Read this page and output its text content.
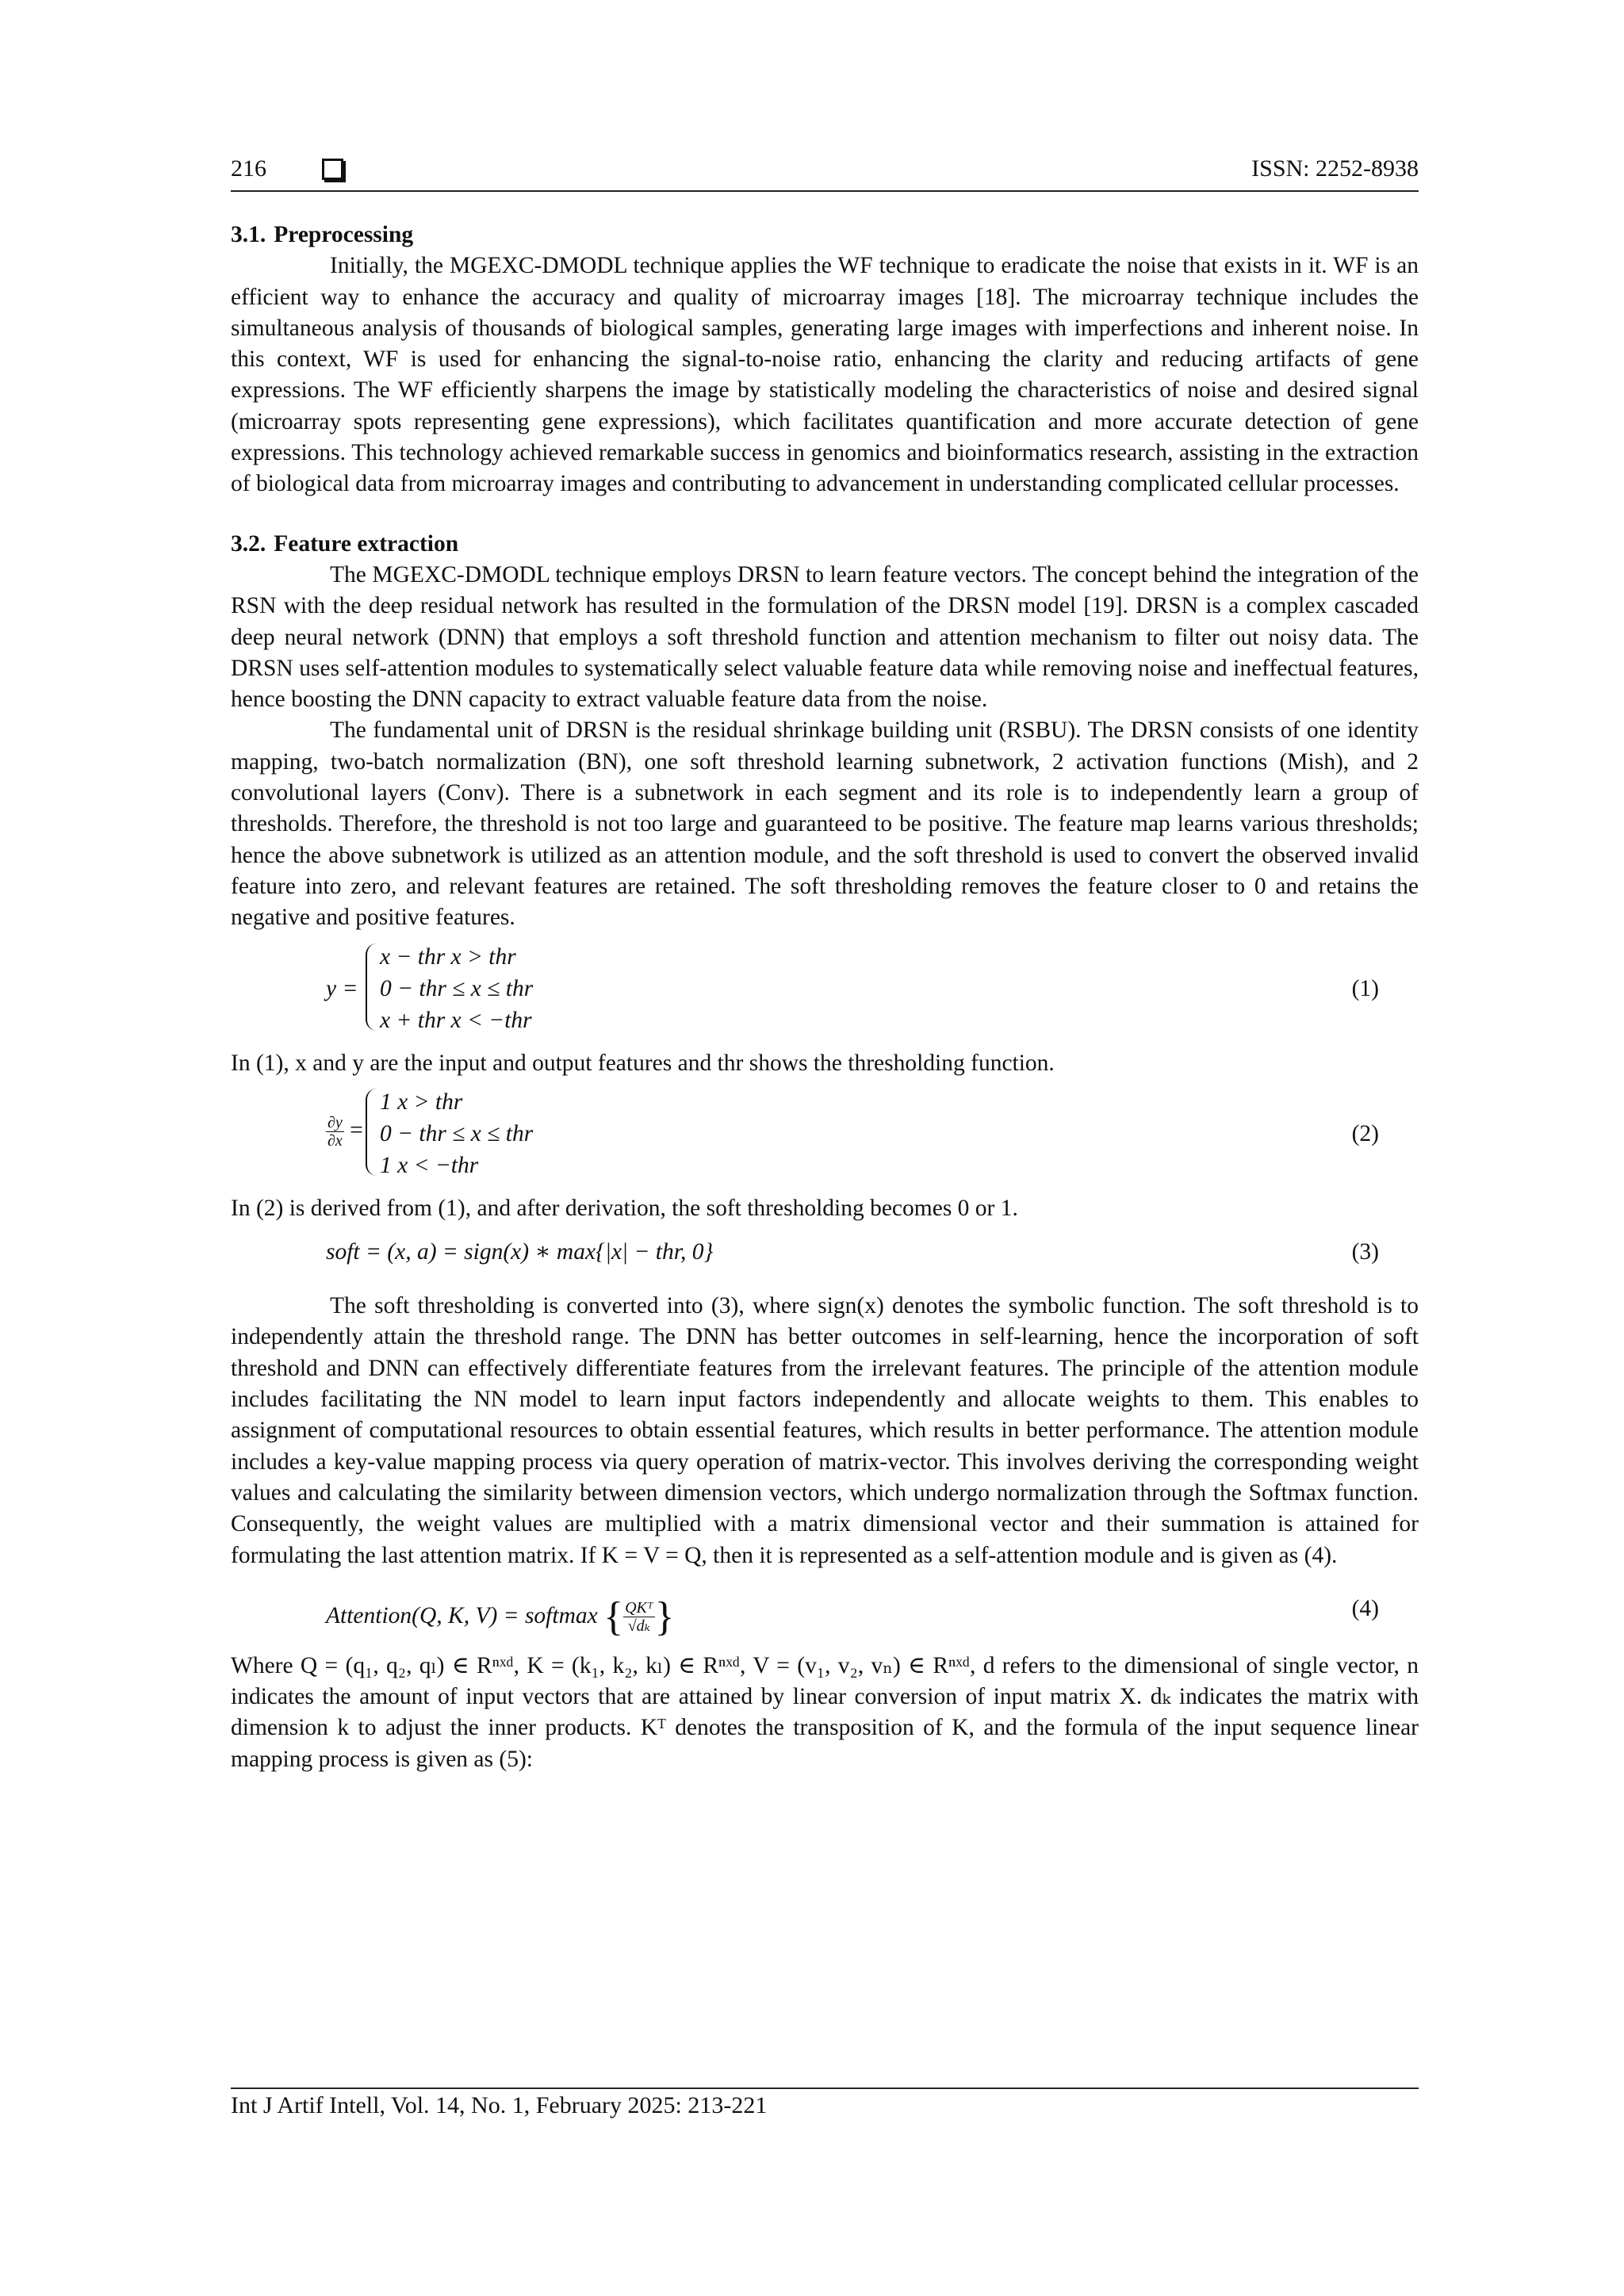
216	ISSN: 2252-8938
3.1. Preprocessing

Initially, the MGEXC-DMODL technique applies the WF technique to eradicate the noise that exists in it. WF is an efficient way to enhance the accuracy and quality of microarray images [18]. The microarray technique includes the simultaneous analysis of thousands of biological samples, generating large images with imperfections and inherent noise. In this context, WF is used for enhancing the signal-to-noise ratio, enhancing the clarity and reducing artifacts of gene expressions. The WF efficiently sharpens the image by statistically modeling the characteristics of noise and desired signal (microarray spots representing gene expressions), which facilitates quantification and more accurate detection of gene expressions. This technology achieved remarkable success in genomics and bioinformatics research, assisting in the extraction of biological data from microarray images and contributing to advancement in understanding complicated cellular processes.

3.2. Feature extraction

The MGEXC-DMODL technique employs DRSN to learn feature vectors. The concept behind the integration of the RSN with the deep residual network has resulted in the formulation of the DRSN model [19]. DRSN is a complex cascaded deep neural network (DNN) that employs a soft threshold function and attention mechanism to filter out noisy data. The DRSN uses self-attention modules to systematically select valuable feature data while removing noise and ineffectual features, hence boosting the DNN capacity to extract valuable feature data from the noise.

The fundamental unit of DRSN is the residual shrinkage building unit (RSBU). The DRSN consists of one identity mapping, two-batch normalization (BN), one soft threshold learning subnetwork, 2 activation functions (Mish), and 2 convolutional layers (Conv). There is a subnetwork in each segment and its role is to independently learn a group of thresholds. Therefore, the threshold is not too large and guaranteed to be positive. The feature map learns various thresholds; hence the above subnetwork is utilized as an attention module, and the soft threshold is used to convert the observed invalid feature into zero, and relevant features are retained. The soft thresholding removes the feature closer to 0 and retains the negative and positive features.

y =
x − thr x > thr
0 − thr ≤ x ≤ thr
x + thr x < −thr
(1)

In (1), x and y are the input and output features and thr shows the thresholding function.

$\frac{\partial y}{\partial x}$ =
1 x > thr
0 − thr ≤ x ≤ thr
1 x < −thr
(2)

In (2) is derived from (1), and after derivation, the soft thresholding becomes 0 or 1.

soft = (x, a) = sign(x) ∗ max{|x| − thr, 0}	(3)

The soft thresholding is converted into (3), where sign(x) denotes the symbolic function. The soft threshold is to independently attain the threshold range. The DNN has better outcomes in self-learning, hence the incorporation of soft threshold and DNN can effectively differentiate features from the irrelevant features. The principle of the attention module includes facilitating the NN model to learn input factors independently and allocate weights to them. This enables to assignment of computational resources to obtain essential features, which results in better performance. The attention module includes a key-value mapping process via query operation of matrix-vector. This involves deriving the corresponding weight values and calculating the similarity between dimension vectors, which undergo normalization through the Softmax function. Consequently, the weight values are multiplied with a matrix dimensional vector and their summation is attained for formulating the last attention matrix. If K = V = Q, then it is represented as a self-attention module and is given as (4).

Attention(Q, K, V) = softmax { $\frac{\text{QKᵀ}}{\text{√dₖ}}$ }	(4)

Where Q = (q₁, q₂, qₗ) ∈ Rⁿˣᵈ, K = (k₁, k₂, kₗ) ∈ Rⁿˣᵈ, V = (v₁, v₂, vₙ) ∈ Rⁿˣᵈ, d refers to the dimensional of single vector, n indicates the amount of input vectors that are attained by linear conversion of input matrix X. dₖ indicates the matrix with dimension k to adjust the inner products. Kᵀ denotes the transposition of K, and the formula of the input sequence linear mapping process is given as (5):

Int J Artif Intell, Vol. 14, No. 1, February 2025: 213-221
